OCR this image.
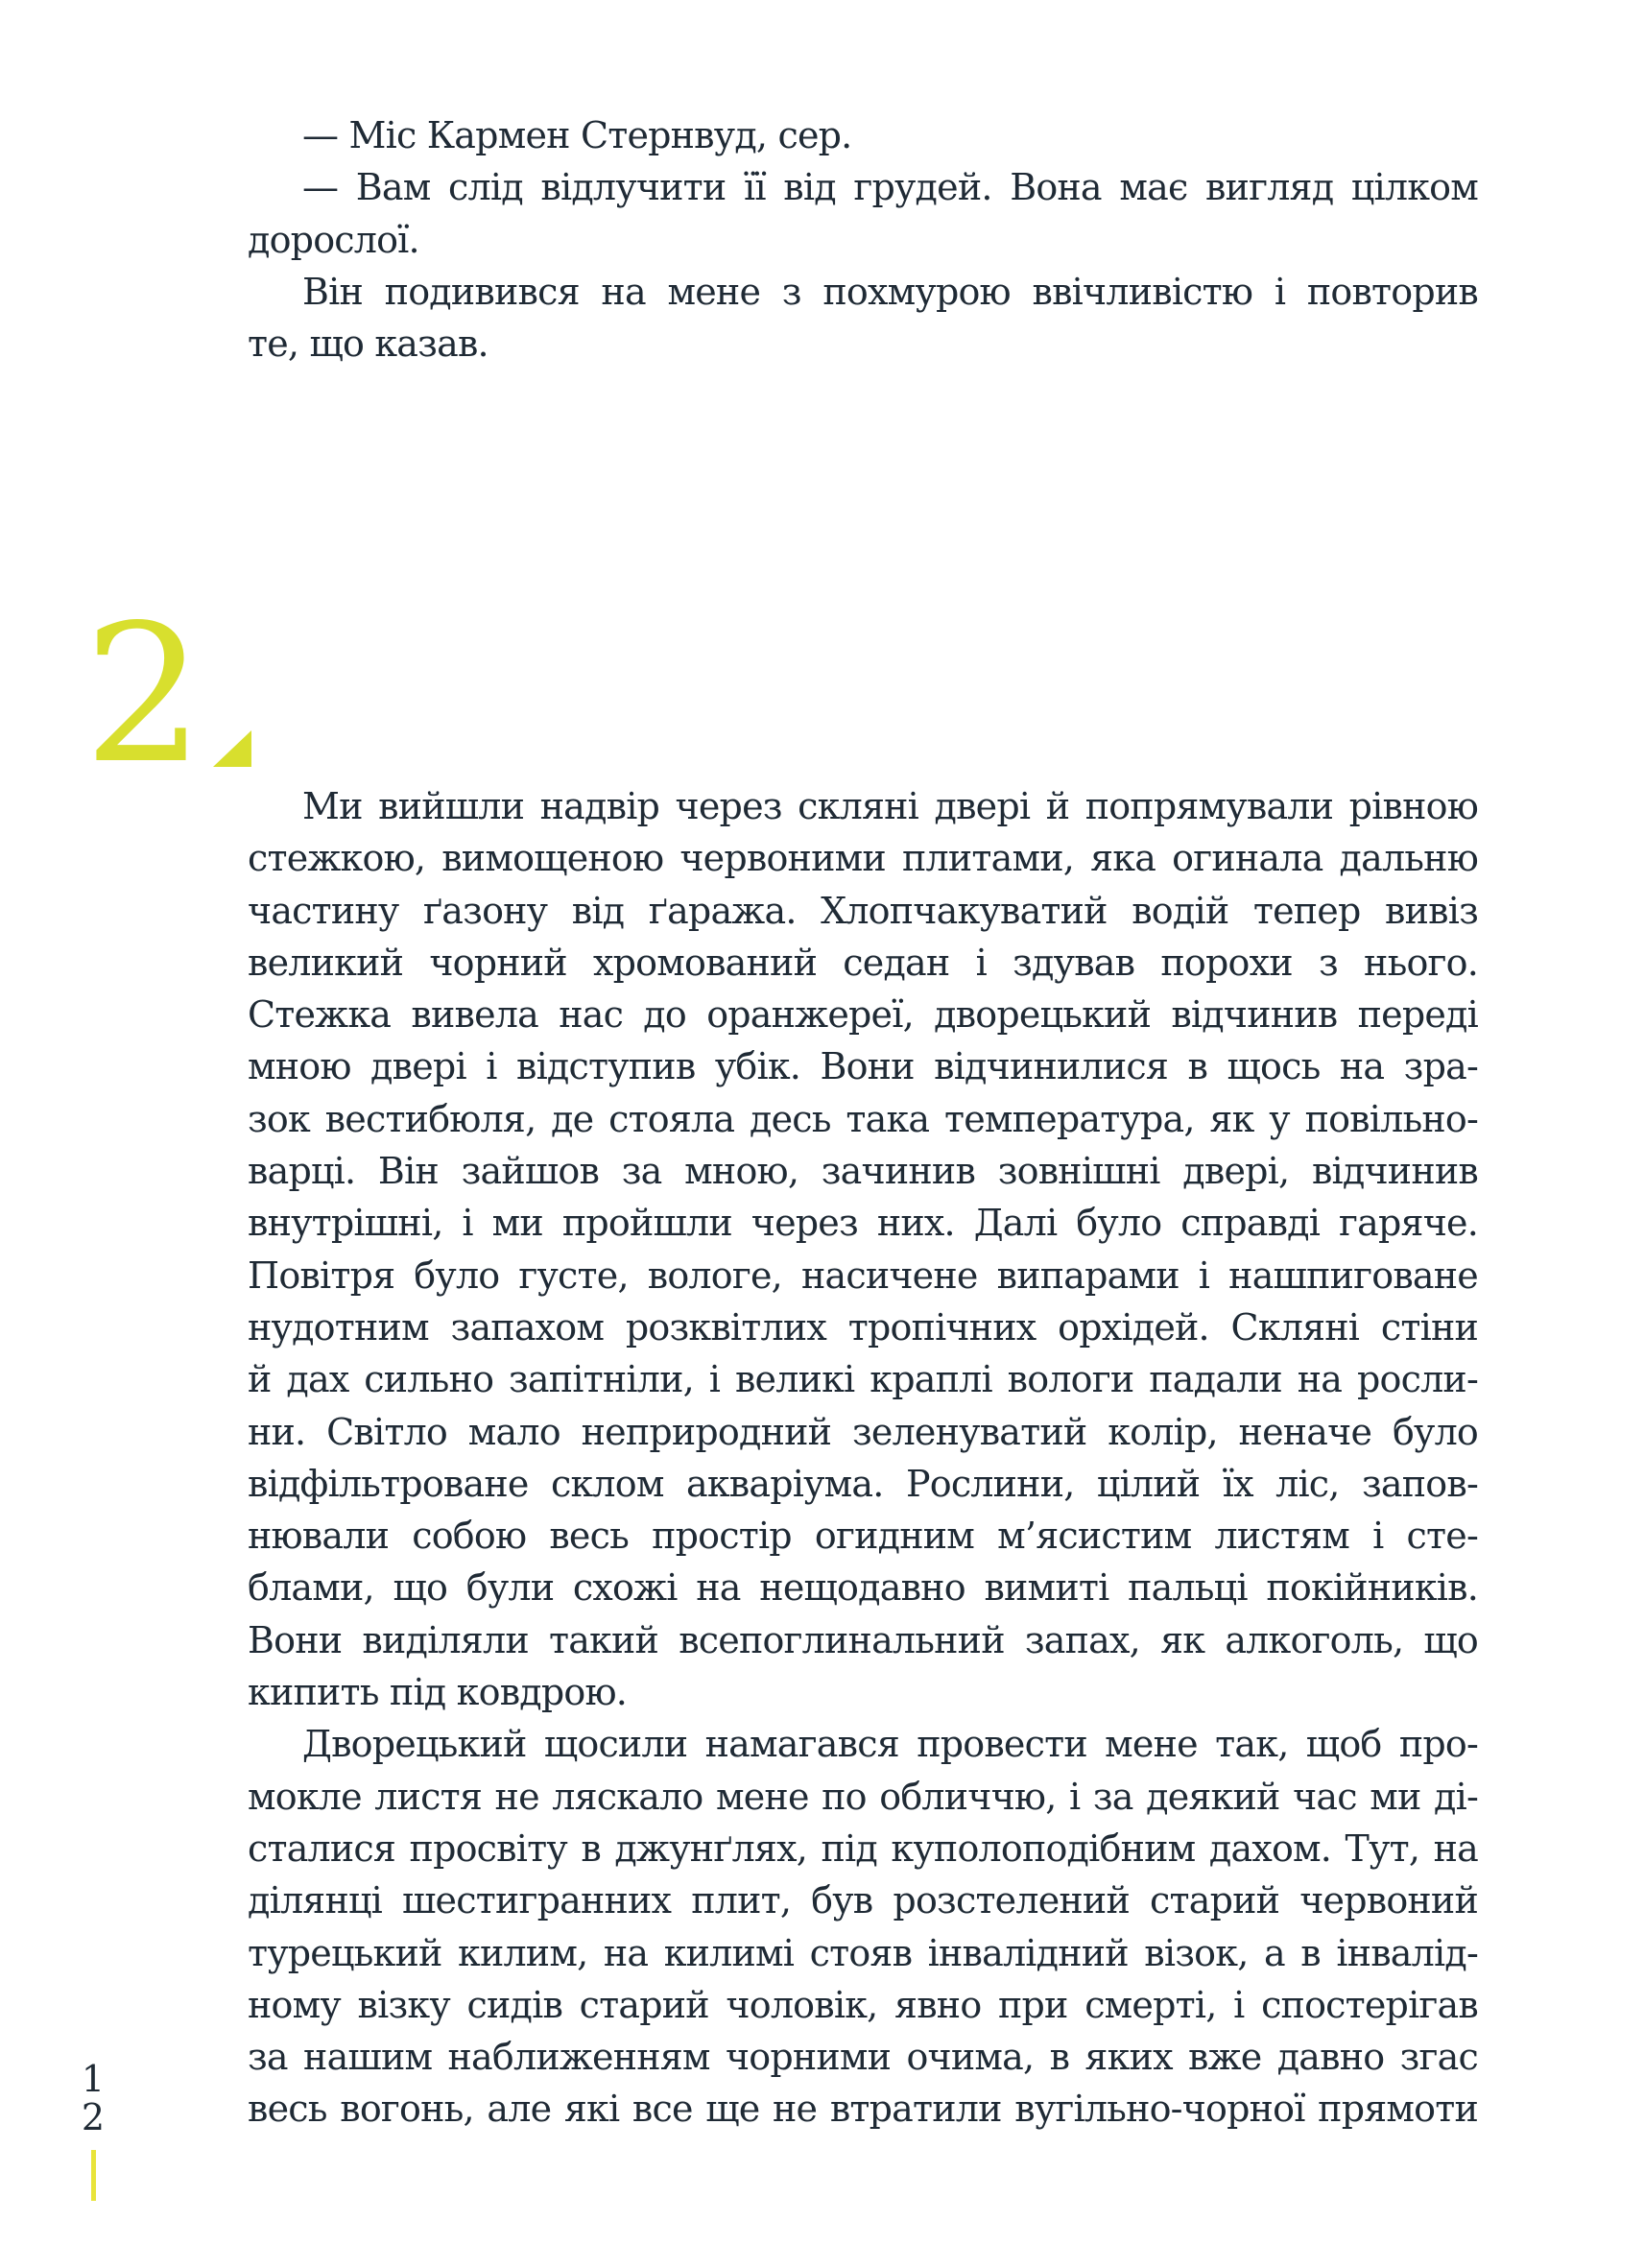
— Міс Кармен Стернвуд, сер.
— Вам слід відлучити її від грудей. Вона має вигляд цілком
дорослої.
Він подивився на мене з похмурою ввічливістю і повторив
те, що казав.
2
Ми вийшли надвір через скляні двері й попрямували рівною
стежкою, вимощеною червоними плитами, яка огинала дальню
частину ґазону від ґаража. Хлопчакуватий водій тепер вивіз
великий чорний хромований седан і здував порохи з нього.
Стежка вивела нас до оранжереї, дворецький відчинив переді
мною двері і відступив убік. Вони відчинилися в щось на зра-
зок вестибюля, де стояла десь така температура, як у повільно-
варці. Він зайшов за мною, зачинив зовнішні двері, відчинив
внутрішні, і ми пройшли через них. Далі було справді гаряче.
Повітря було густе, вологе, насичене випарами і нашпиговане
нудотним запахом розквітлих тропічних орхідей. Скляні стіни
й дах сильно запітніли, і великі краплі вологи падали на росли-
ни. Світло мало неприродний зеленуватий колір, неначе було
відфільтроване склом акваріума. Рослини, цілий їх ліс, запов-
нювали собою весь простір огидним м’ясистим листям і сте-
блами, що були схожі на нещодавно вимиті пальці покійників.
Вони виділяли такий всепоглинальний запах, як алкоголь, що
кипить під ковдрою.
Дворецький щосили намагався провести мене так, щоб про-
мокле листя не ляскало мене по обличчю, і за деякий час ми ді-
сталися просвіту в джунґлях, під куполоподібним дахом. Тут, на
ділянці шестигранних плит, був розстелений старий червоний
турецький килим, на килимі стояв інвалідний візок, а в інвалід-
ному візку сидів старий чоловік, явно при смерті, і спостерігав
за нашим наближенням чорними очима, в яких вже давно згас
весь вогонь, але які все ще не втратили вугільно-чорної прямоти
1
2
